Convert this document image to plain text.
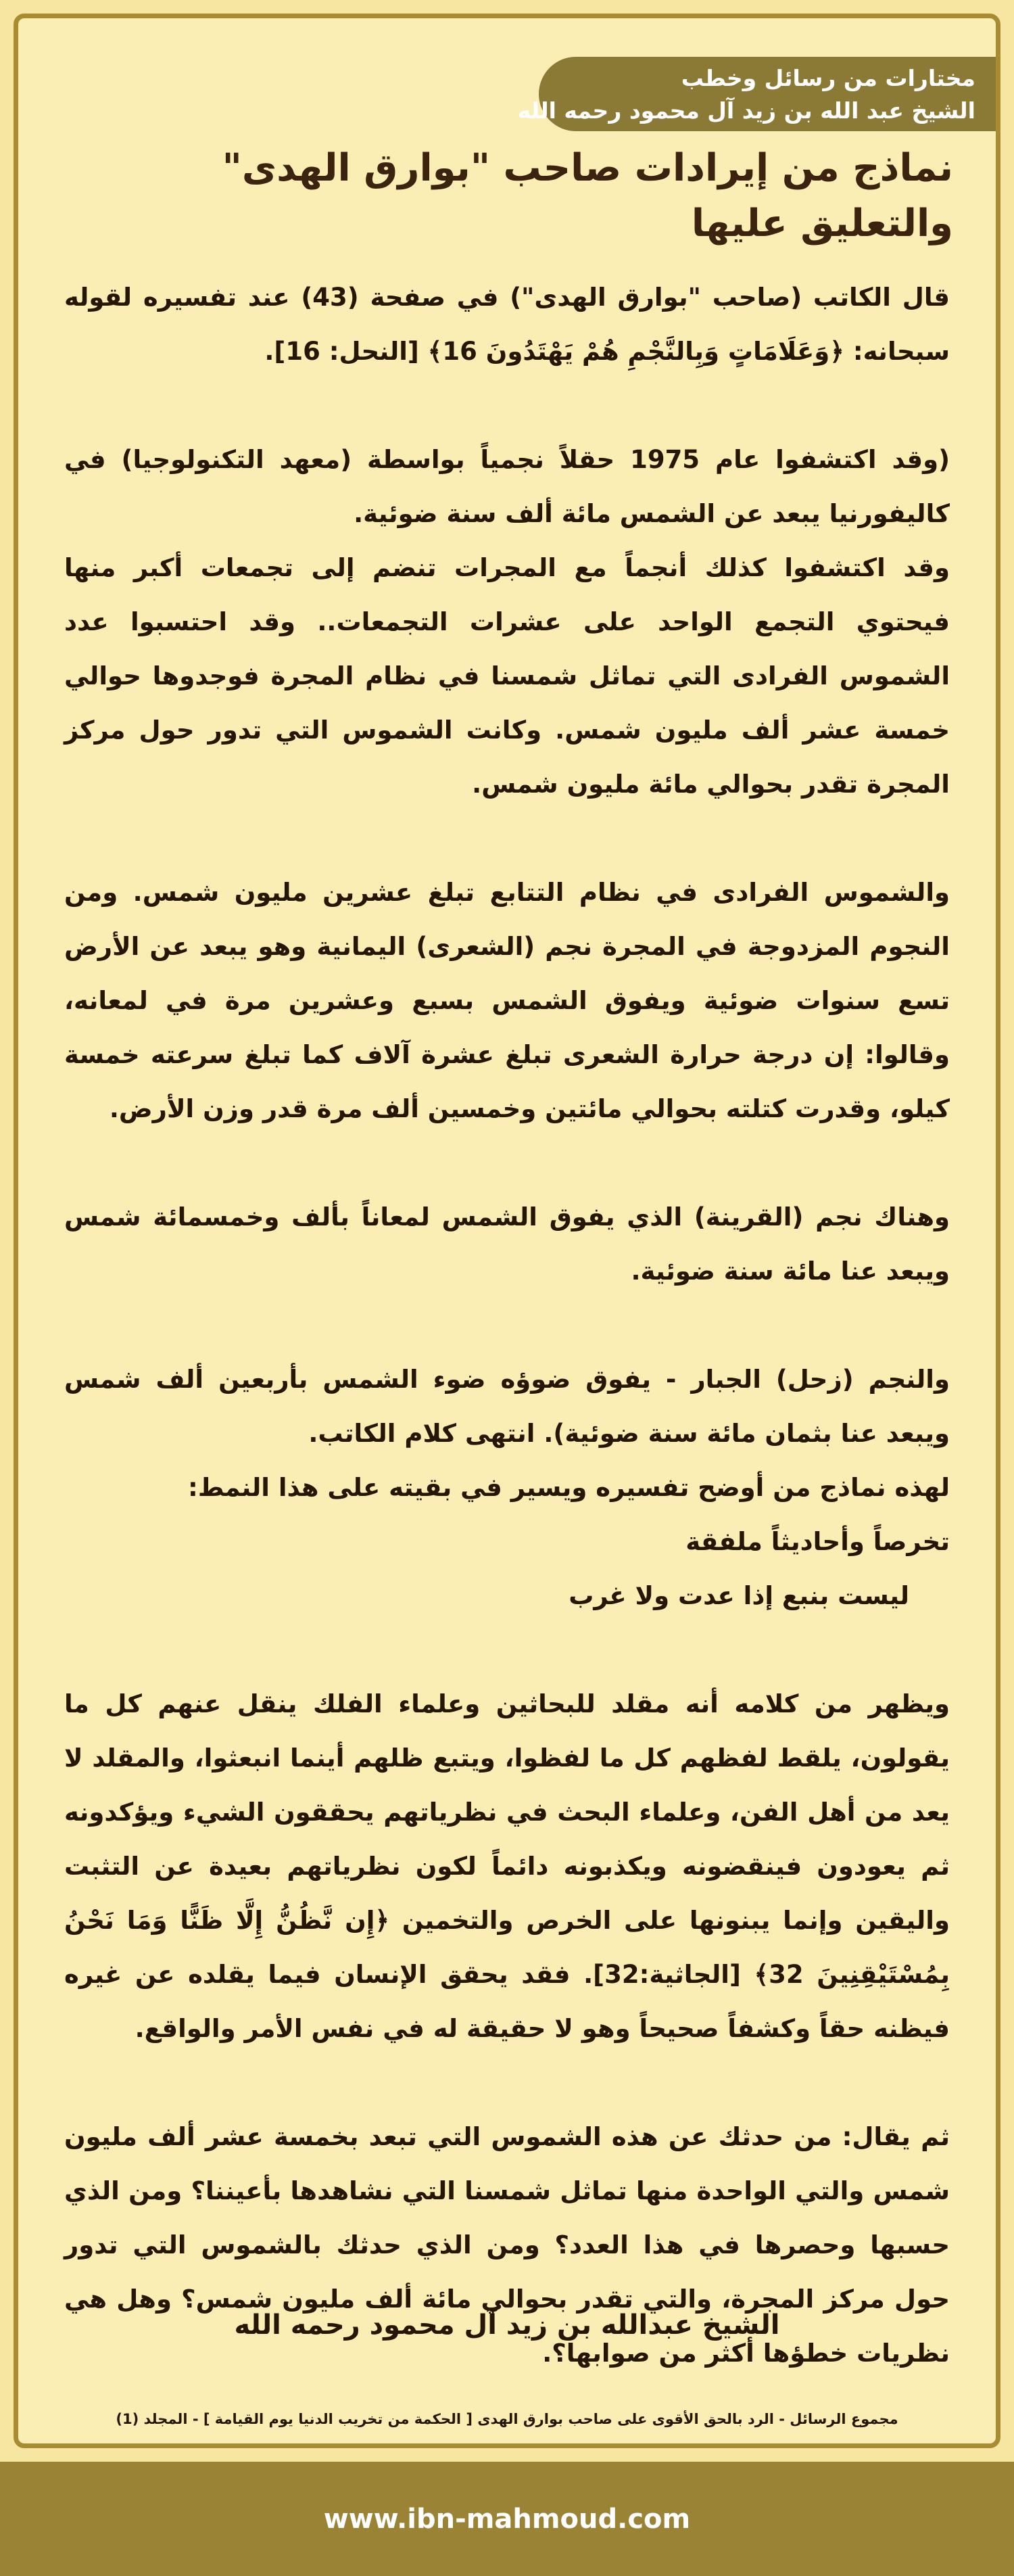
مختارات من رسائل وخطب
الشيخ عبد الله بن زيد آل محمود رحمه الله
نماذج من إيرادات صاحب "بوارق الهدى" والتعليق عليها

قال الكاتب (صاحب "بوارق الهدى") في صفحة (43) عند تفسيره لقوله سبحانه: ﴿وَعَلَامَاتٍ وَبِالنَّجْمِ هُمْ يَهْتَدُونَ 16﴾ [النحل: 16].

(وقد اكتشفوا عام 1975 حقلاً نجمياً بواسطة (معهد التكنولوجيا) في كاليفورنيا يبعد عن الشمس مائة ألف سنة ضوئية.

وقد اكتشفوا كذلك أنجماً مع المجرات تنضم إلى تجمعات أكبر منها فيحتوي التجمع الواحد على عشرات التجمعات.. وقد احتسبوا عدد الشموس الفرادى التي تماثل شمسنا في نظام المجرة فوجدوها حوالي خمسة عشر ألف مليون شمس. وكانت الشموس التي تدور حول مركز المجرة تقدر بحوالي مائة مليون شمس.

والشموس الفرادى في نظام التتابع تبلغ عشرين مليون شمس. ومن النجوم المزدوجة في المجرة نجم (الشعرى) اليمانية وهو يبعد عن الأرض تسع سنوات ضوئية ويفوق الشمس بسبع وعشرين مرة في لمعانه، وقالوا: إن درجة حرارة الشعرى تبلغ عشرة آلاف كما تبلغ سرعته خمسة كيلو، وقدرت كتلته بحوالي مائتين وخمسين ألف مرة قدر وزن الأرض.

وهناك نجم (القرينة) الذي يفوق الشمس لمعاناً بألف وخمسمائة شمس ويبعد عنا مائة سنة ضوئية.

والنجم (زحل) الجبار - يفوق ضوؤه ضوء الشمس بأربعين ألف شمس ويبعد عنا بثمان مائة سنة ضوئية). انتهى كلام الكاتب.

لهذه نماذج من أوضح تفسيره ويسير في بقيته على هذا النمط:

تخرصاً وأحاديثاً ملفقة
ليست بنبع إذا عدت ولا غرب

ويظهر من كلامه أنه مقلد للبحاثين وعلماء الفلك ينقل عنهم كل ما يقولون، يلقط لفظهم كل ما لفظوا، ويتبع ظلهم أينما انبعثوا، والمقلد لا يعد من أهل الفن، وعلماء البحث في نظرياتهم يحققون الشيء ويؤكدونه ثم يعودون فينقضونه ويكذبونه دائماً لكون نظرياتهم بعيدة عن التثبت واليقين وإنما يبنونها على الخرص والتخمين ﴿إِن نَّظُنُّ إِلَّا ظَنًّا وَمَا نَحْنُ بِمُسْتَيْقِنِينَ 32﴾ [الجاثية:32]. فقد يحقق الإنسان فيما يقلده عن غيره فيظنه حقاً وكشفاً صحيحاً وهو لا حقيقة له في نفس الأمر والواقع.

ثم يقال: من حدثك عن هذه الشموس التي تبعد بخمسة عشر ألف مليون شمس والتي الواحدة منها تماثل شمسنا التي نشاهدها بأعيننا؟ ومن الذي حسبها وحصرها في هذا العدد؟ ومن الذي حدثك بالشموس التي تدور حول مركز المجرة، والتي تقدر بحوالي مائة ألف مليون شمس؟ وهل هي نظريات خطؤها أكثر من صوابها؟.

الشيخ عبدالله بن زيد آل محمود رحمه الله
مجموع الرسائل - الرد بالحق الأقوى على صاحب بوارق الهدى [ الحكمة من تخريب الدنيا يوم القيامة ] - المجلد (1)
www.ibn-mahmoud.com
